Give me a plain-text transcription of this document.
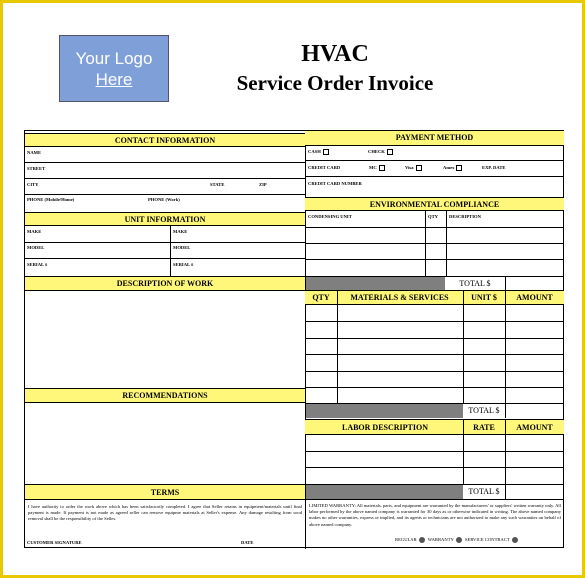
Your Logo

Here
HVAC
Service Order Invoice
CONTACT INFORMATION
NAME
STREET
CITY	STATE	ZIP
PHONE (Mobile/Home)	PHONE (Work)
UNIT INFORMATION
MAKE	MAKE
MODEL	MODEL
SERIAL #	SERIAL #
DESCRIPTION OF WORK
RECOMMENDATIONS
TERMS
I have authority to order the work above which has been satisfactorily completed. I agree that Seller retains in equipment/materials until final payment is made. If payment is not made as agreed seller can remove equipme materials at Seller's expense. Any damage resulting from sood removal shall be the responsibility of the Selles.
CUSTOMER SIGNATURE	DATE
PAYMENT METHOD
CASH	CHECK
CREDIT CARD	MC	Visa	Amex	EXP. DATE
CREDIT CARD NUMBER
ENVIRONMENTAL COMPLIANCE
CONDENSING UNIT	QTY DESCRIPTION
TOTAL $
QTY	MATERIALS & SERVICES	UNIT $	AMOUNT
TOTAL $
LABOR DESCRIPTION	RATE	AMOUNT
TOTAL $
LIMITED WARRANTY: All materials, parts, and equipment are warranted by the manufacturers' or suppliers' written warranty only. All labor performed by the above named company is warranted for 30 days as or otherwise indicated in writing. The above named company makes no other warranties, express or implied, and its agents or technicians are not authorized to make any such warranties on behalf of above named company.
REGULAR WARRANTY SERVICE CONTRACT
